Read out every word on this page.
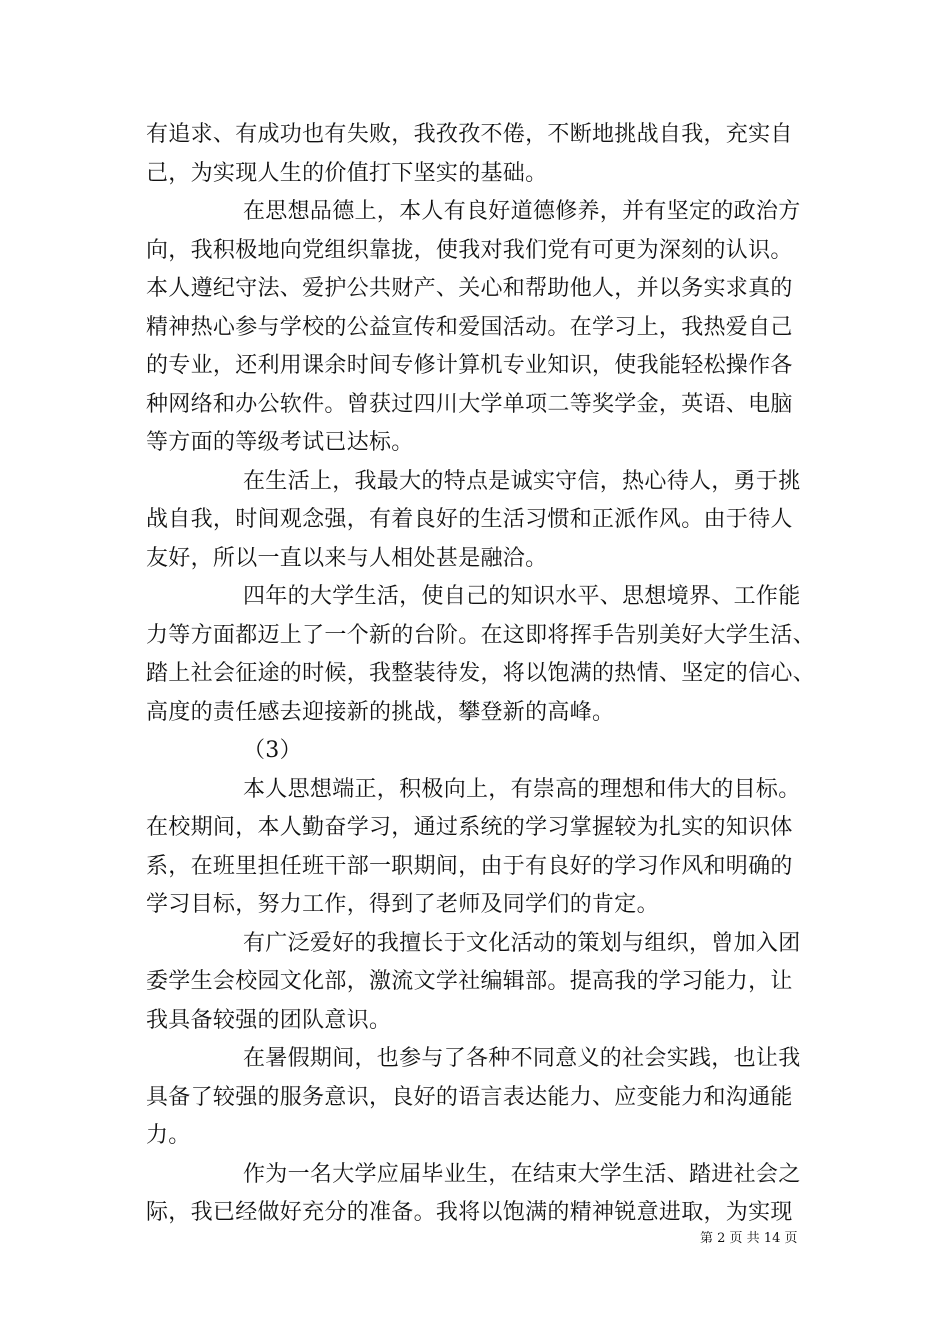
有追求、有成功也有失败，我孜孜不倦，不断地挑战自我，充实自
己，为实现人生的价值打下坚实的基础。
在思想品德上，本人有良好道德修养，并有坚定的政治方
向，我积极地向党组织靠拢，使我对我们党有可更为深刻的认识。
本人遵纪守法、爱护公共财产、关心和帮助他人，并以务实求真的
精神热心参与学校的公益宣传和爱国活动。在学习上，我热爱自己
的专业，还利用课余时间专修计算机专业知识，使我能轻松操作各
种网络和办公软件。曾获过四川大学单项二等奖学金，英语、电脑
等方面的等级考试已达标。
在生活上，我最大的特点是诚实守信，热心待人，勇于挑
战自我，时间观念强，有着良好的生活习惯和正派作风。由于待人
友好，所以一直以来与人相处甚是融洽。
四年的大学生活，使自己的知识水平、思想境界、工作能
力等方面都迈上了一个新的台阶。在这即将挥手告别美好大学生活、
踏上社会征途的时候，我整装待发，将以饱满的热情、坚定的信心、
高度的责任感去迎接新的挑战，攀登新的高峰。
（3）
本人思想端正，积极向上，有崇高的理想和伟大的目标。
在校期间，本人勤奋学习，通过系统的学习掌握较为扎实的知识体
系，在班里担任班干部一职期间，由于有良好的学习作风和明确的
学习目标，努力工作，得到了老师及同学们的肯定。
有广泛爱好的我擅长于文化活动的策划与组织，曾加入团
委学生会校园文化部，激流文学社编辑部。提高我的学习能力，让
我具备较强的团队意识。
在暑假期间，也参与了各种不同意义的社会实践，也让我
具备了较强的服务意识，良好的语言表达能力、应变能力和沟通能
力。
作为一名大学应届毕业生，在结束大学生活、踏进社会之
际，我已经做好充分的准备。我将以饱满的精神锐意进取，为实现
第 2 页 共 14 页
